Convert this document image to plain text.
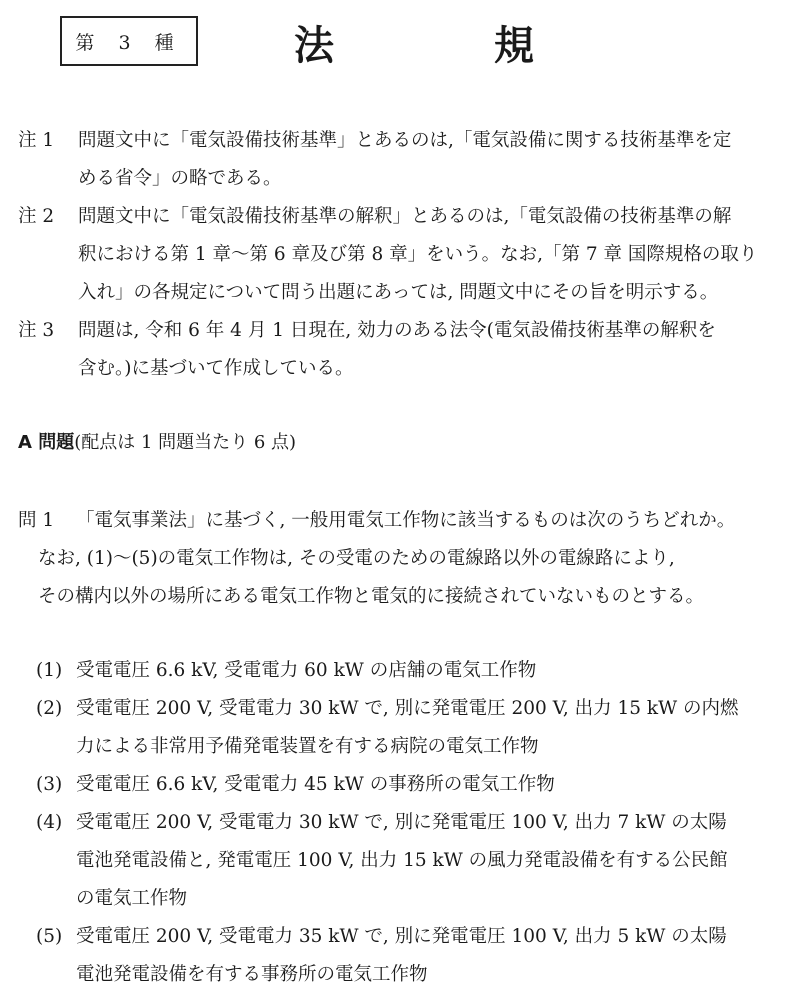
第 3 種	法	規
注 1	問題文中に「電気設備技術基準」とあるのは,「電気設備に関する技術基準を定
める省令」の略である。
注 2	問題文中に「電気設備技術基準の解釈」とあるのは,「電気設備の技術基準の解
釈における第 1 章〜第 6 章及び第 8 章」をいう。なお,「第 7 章 国際規格の取り
入れ」の各規定について問う出題にあっては, 問題文中にその旨を明示する。
注 3	問題は, 令和 6 年 4 月 1 日現在, 効力のある法令(電気設備技術基準の解釈を
含む。)に基づいて作成している。
A 問題(配点は 1 問題当たり 6 点)
問 1	「電気事業法」に基づく, 一般用電気工作物に該当するものは次のうちどれか。
なお, (1)〜(5)の電気工作物は, その受電のための電線路以外の電線路により,
その構内以外の場所にある電気工作物と電気的に接続されていないものとする。
(1) 受電電圧 6.6 kV, 受電電力 60 kW の店舗の電気工作物
(2) 受電電圧 200 V, 受電電力 30 kW で, 別に発電電圧 200 V, 出力 15 kW の内燃
力による非常用予備発電装置を有する病院の電気工作物
(3) 受電電圧 6.6 kV, 受電電力 45 kW の事務所の電気工作物
(4) 受電電圧 200 V, 受電電力 30 kW で, 別に発電電圧 100 V, 出力 7 kW の太陽
電池発電設備と, 発電電圧 100 V, 出力 15 kW の風力発電設備を有する公民館
の電気工作物
(5) 受電電圧 200 V, 受電電力 35 kW で, 別に発電電圧 100 V, 出力 5 kW の太陽
電池発電設備を有する事務所の電気工作物
